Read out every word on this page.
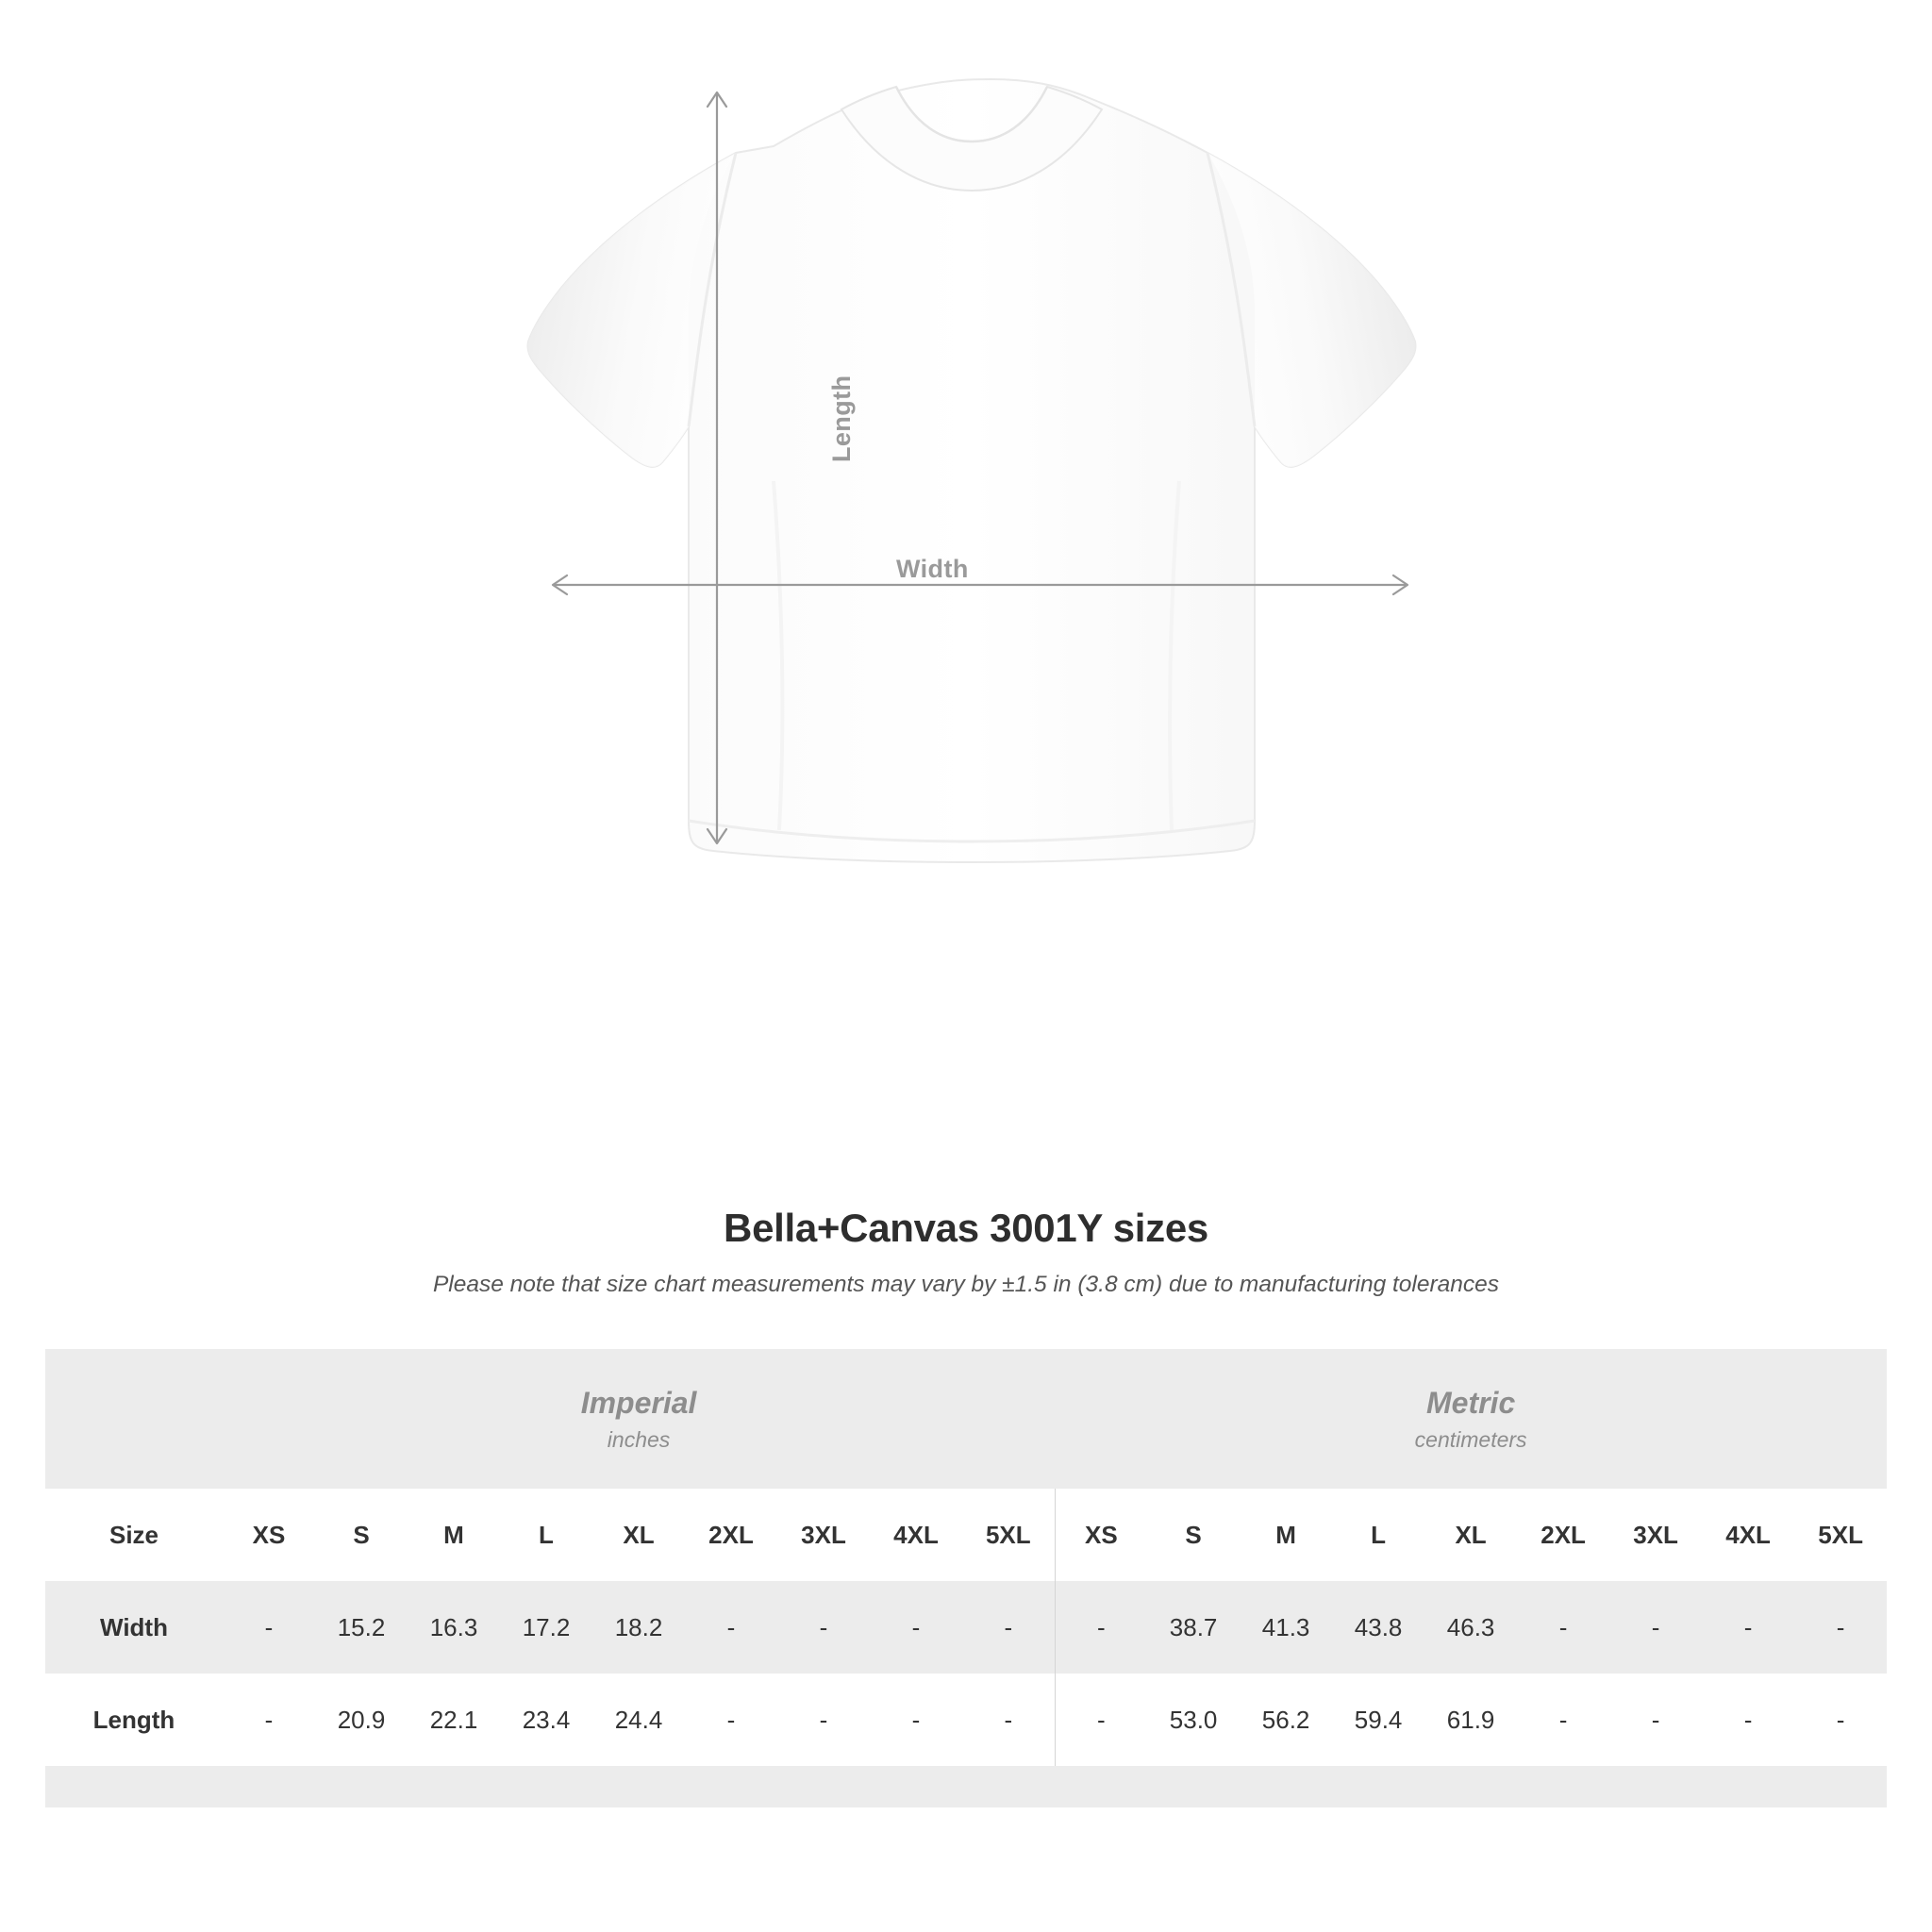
Length
Width
Bella+Canvas 3001Y sizes
Please note that size chart measurements may vary by ±1.5 in (3.8 cm) due to manufacturing tolerances

Imperial
inches

Metric
centimeters

Size	XS	S	M	L	XL	2XL	3XL	4XL	5XL	XS	S	M	L	XL	2XL	3XL	4XL	5XL
Width	-	15.2	16.3	17.2	18.2	-	-	-	-	-	38.7	41.3	43.8	46.3	-	-	-	-
Length	-	20.9	22.1	23.4	24.4	-	-	-	-	-	53.0	56.2	59.4	61.9	-	-	-	-
